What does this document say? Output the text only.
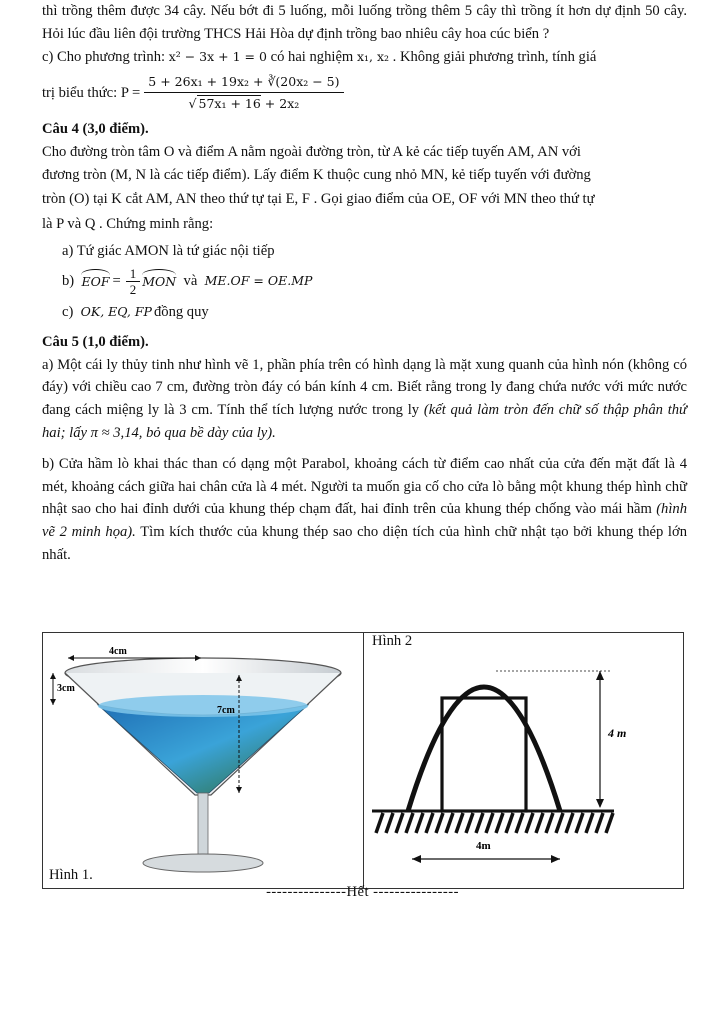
thì trồng thêm được 34 cây. Nếu bớt đi 5 luống, mỗi luống trồng thêm 5 cây thì trồng ít hơn dự định 50 cây. Hỏi lúc đầu liên đội trường THCS Hải Hòa dự định trồng bao nhiêu cây hoa cúc biển ?

c) Cho phương trình:
x² − 3x + 1 = 0
có hai nghiệm
x₁, x₂
. Không giải phương trình, tính giá
trị biểu thức: $P = \frac{\text{5 + 26x₁ + 19x₂ + ∛(20x₂ − 5)}}{\text{√ 57x₁ + 16 + 2x₂}}$

Câu 4 (3,0 điểm).

Cho đường tròn tâm O và điểm A nằm ngoài đường tròn, từ A kẻ các tiếp tuyến AM, AN với

đương tròn (M, N là các tiếp điểm). Lấy điểm K thuộc cung nhỏ MN, kẻ tiếp tuyến với đường

tròn (O) tại K cắt AM, AN theo thứ tự tại E, F . Gọi giao điểm của OE, OF với MN theo thứ tự

là P và Q . Chứng minh rằng:

a) Tứ giác AMON là tứ giác nội tiếp

b)
EOF = $\frac{1}{2}$ MON
và
ME.OF = OE.MP
c)
OK, EQ, FP đồng quy

Câu 5 (1,0 điểm).

a) Một cái ly thủy tinh như hình vẽ 1, phần phía trên có hình dạng là mặt xung quanh của hình nón (không có đáy) với chiều cao 7 cm, đường tròn đáy có bán kính 4 cm. Biết rằng trong ly đang chứa nước với mức nước đang cách miệng ly là 3 cm. Tính thể tích lượng nước trong ly (kết quả làm tròn đến chữ số thập phân thứ hai; lấy π ≈ 3,14, bỏ qua bề dày của ly).

b) Cửa hầm lò khai thác than có dạng một Parabol, khoảng cách từ điểm cao nhất của cửa đến mặt đất là 4 mét, khoảng cách giữa hai chân cửa là 4 mét. Người ta muốn gia cố cho cửa lò bằng một khung thép hình chữ nhật sao cho hai đỉnh dưới của khung thép chạm đất, hai đỉnh trên của khung thép chống vào mái hầm (hình vẽ 2 minh họa). Tìm kích thước của khung thép sao cho diện tích của hình chữ nhật tạo bởi khung thép lớn nhất.

4cm
3cm
7cm
Hình 1.
Hình 2
4 m
4m
---------------Hết ----------------
